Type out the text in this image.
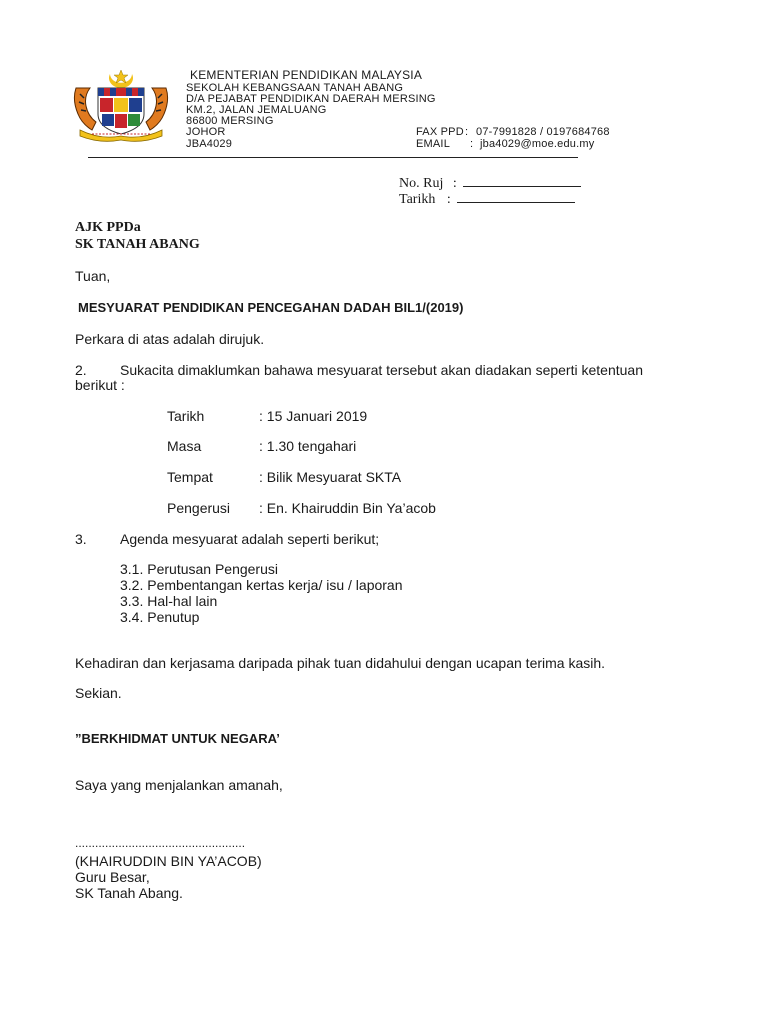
KEMENTERIAN PENDIDIKAN MALAYSIA
SEKOLAH KEBANGSAAN TANAH ABANG
D/A PEJABAT PENDIDIKAN DAERAH MERSING
KM.2, JALAN JEMALUANG
86800 MERSING
JOHOR
JBA4029
FAX PPD : 07-7991828 / 0197684768
EMAIL : jba4029@moe.edu.my
No. Ruj :
Tarikh :
AJK PPDa
SK TANAH ABANG
Tuan,
MESYUARAT PENDIDIKAN PENCEGAHAN DADAH BIL1/(2019)
Perkara di atas adalah dirujuk.
2. Sukacita dimaklumkan bahawa mesyuarat tersebut akan diadakan seperti ketentuan
berikut :
Tarikh	: 15 Januari 2019
Masa	: 1.30 tengahari
Tempat	: Bilik Mesyuarat SKTA
Pengerusi : En. Khairuddin Bin Ya’acob
3. Agenda mesyuarat adalah seperti berikut;
3.1. Perutusan Pengerusi
3.2. Pembentangan kertas kerja/ isu / laporan
3.3. Hal-hal lain
3.4. Penutup
Kehadiran dan kerjasama daripada pihak tuan didahului dengan ucapan terima kasih.
Sekian.
”BERKHIDMAT UNTUK NEGARA’
Saya yang menjalankan amanah,
...................................................
(KHAIRUDDIN BIN YA’ACOB)
Guru Besar,
SK Tanah Abang.
